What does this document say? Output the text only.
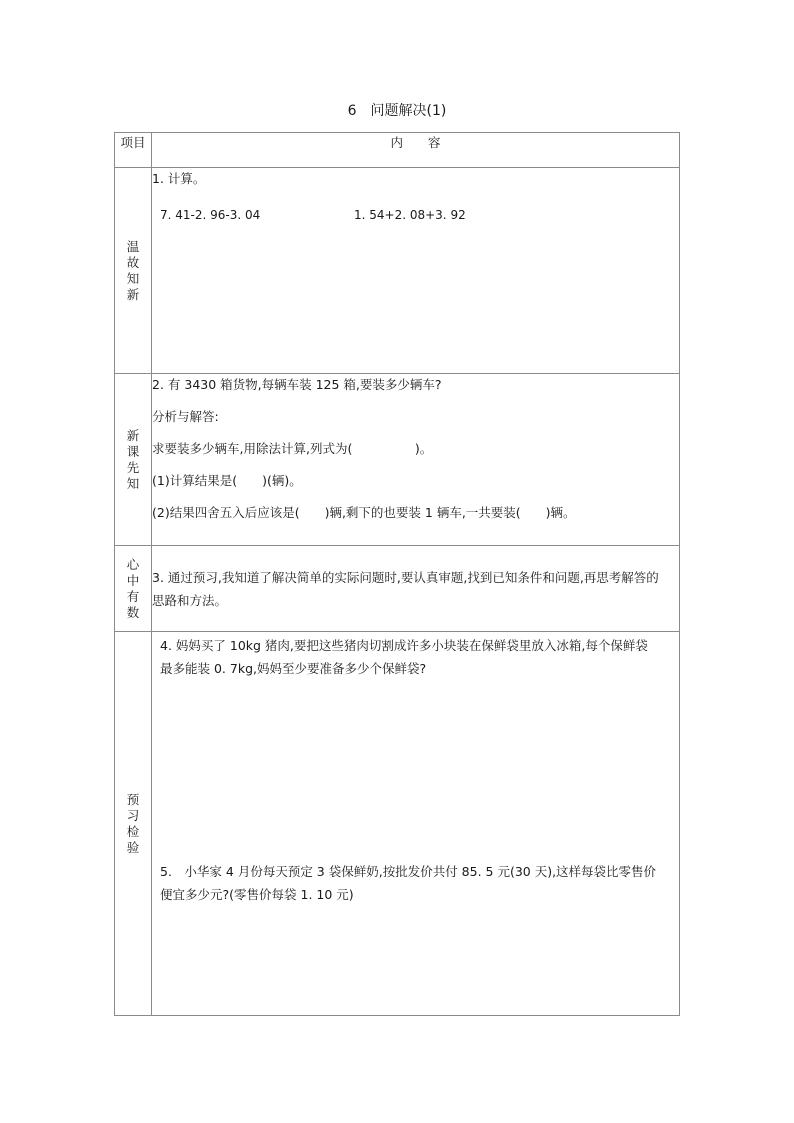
6 问题解决(1)
项目	内　　容
温故知新	1. 计算。
7. 41-2. 96-3. 04 1. 54+2. 08+3. 92

新课先知	2. 有 3430 箱货物,每辆车装 125 箱,要装多少辆车?
分析与解答:
求要装多少辆车,用除法计算,列式为(　　　　　)。
(1)计算结果是(　　)(辆)。
(2)结果四舍五入后应该是(　　)辆,剩下的也要装 1 辆车,一共要装(　　)辆。

心中有数	3. 通过预习,我知道了解决简单的实际问题时,要认真审题,找到已知条件和问题,再思考解答的思路和方法。

预习检验	4. 妈妈买了 10kg 猪肉,要把这些猪肉切割成许多小块装在保鲜袋里放入冰箱,每个保鲜袋最多能装 0. 7kg,妈妈至少要准备多少个保鲜袋?
5.　小华家 4 月份每天预定 3 袋保鲜奶,按批发价共付 85. 5 元(30 天),这样每袋比零售价便宜多少元?(零售价每袋 1. 10 元)
